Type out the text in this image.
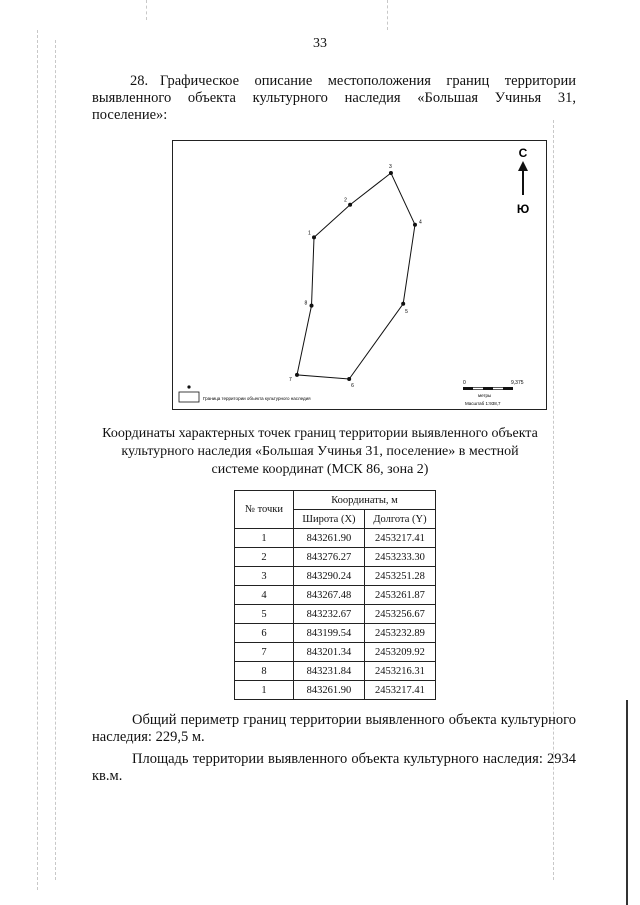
33
28. Графическое описание местоположения границ территории выявленного объекта культурного наследия «Большая Учинья 31, поселение»:
С
Ю
1
2
3
4
5
6
7
8
Граница территории объекта культурного наследия
0	9,375
метры
Масштаб 1:938,7
Координаты характерных точек границ территории выявленного объекта культурного наследия «Большая Учинья 31, поселение» в местной системе координат (МСК 86, зона 2)
№ точки	Координаты, м	
	Широта (X)	Долгота (Y)
1	843261.90	2453217.41
2	843276.27	2453233.30
3	843290.24	2453251.28
4	843267.48	2453261.87
5	843232.67	2453256.67
6	843199.54	2453232.89
7	843201.34	2453209.92
8	843231.84	2453216.31
1	843261.90	2453217.41
Общий периметр границ территории выявленного объекта культурного наследия: 229,5 м.
Площадь территории выявленного объекта культурного наследия: 2934 кв.м.
